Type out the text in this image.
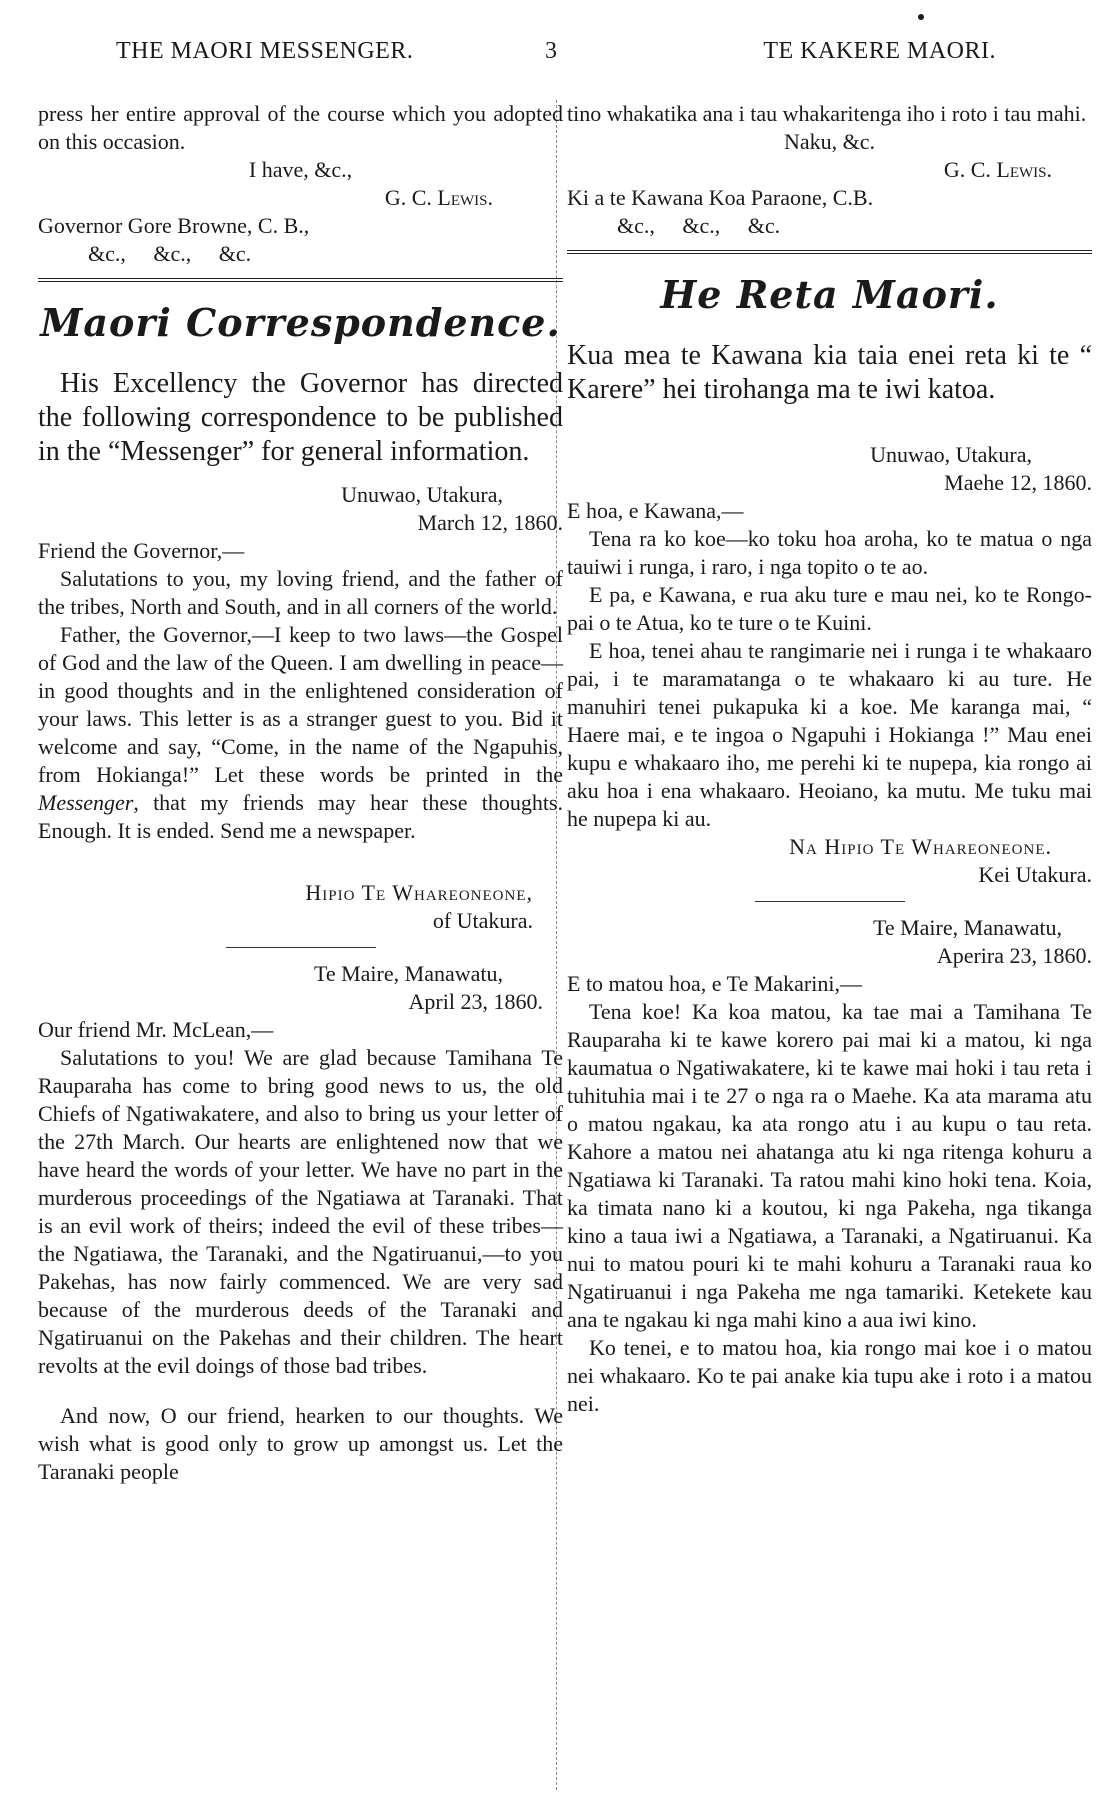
THE MAORI MESSENGER.	3	TE KAKERE MAORI.

press her entire approval of the course which you adopted on this occasion.

I have, &c.,

G. C. Lewis.

Governor Gore Browne, C. B.,

&c.,     &c.,     &c.

Maori Correspondence.

His Excellency the Governor has directed the following correspondence to be published in the “Messenger” for general information.

Unuwao, Utakura,

March 12, 1860.

Friend the Governor,—

Salutations to you, my loving friend, and the father of the tribes, North and South, and in all corners of the world.

Father, the Governor,—I keep to two laws—the Gospel of God and the law of the Queen. I am dwelling in peace—in good thoughts and in the enlightened consideration of your laws. This letter is as a stranger guest to you. Bid it welcome and say, “Come, in the name of the Ngapuhis, from Hokianga!” Let these words be printed in the Messenger, that my friends may hear these thoughts. Enough. It is ended. Send me a newspaper.

Hipio Te Whareoneone,

of Utakura.

Te Maire, Manawatu,

April 23, 1860.

Our friend Mr. McLean,—

Salutations to you! We are glad because Tamihana Te Rauparaha has come to bring good news to us, the old Chiefs of Ngatiwakatere, and also to bring us your letter of the 27th March. Our hearts are enlightened now that we have heard the words of your letter. We have no part in the murderous proceedings of the Ngatiawa at Taranaki. That is an evil work of theirs; indeed the evil of these tribes—the Ngatiawa, the Taranaki, and the Ngatiruanui,—to you Pakehas, has now fairly commenced. We are very sad because of the murderous deeds of the Taranaki and Ngatiruanui on the Pakehas and their children. The heart revolts at the evil doings of those bad tribes.

And now, O our friend, hearken to our thoughts. We wish what is good only to grow up amongst us. Let the Taranaki people

tino whakatika ana i tau whakaritenga iho i roto i tau mahi.

Naku, &c.

G. C. Lewis.

Ki a te Kawana Koa Paraone, C.B.

&c.,     &c.,     &c.

He Reta Maori.

Kua mea te Kawana kia taia enei reta ki te “ Karere” hei tirohanga ma te iwi katoa.

Unuwao, Utakura,

Maehe 12, 1860.

E hoa, e Kawana,—

Tena ra ko koe—ko toku hoa aroha, ko te matua o nga tauiwi i runga, i raro, i nga topito o te ao.

E pa, e Kawana, e rua aku ture e mau nei, ko te Rongo-pai o te Atua, ko te ture o te Kuini.

E hoa, tenei ahau te rangimarie nei i runga i te whakaaro pai, i te maramatanga o te whakaaro ki au ture. He manuhiri tenei pukapuka ki a koe. Me karanga mai, “ Haere mai, e te ingoa o Ngapuhi i Hokianga !” Mau enei kupu e whakaaro iho, me perehi ki te nupepa, kia rongo ai aku hoa i ena whakaaro. Heoiano, ka mutu. Me tuku mai he nupepa ki au.

Na Hipio Te Whareoneone.

Kei Utakura.

Te Maire, Manawatu,

Aperira 23, 1860.

E to matou hoa, e Te Makarini,—

Tena koe! Ka koa matou, ka tae mai a Tamihana Te Rauparaha ki te kawe korero pai mai ki a matou, ki nga kaumatua o Ngatiwakatere, ki te kawe mai hoki i tau reta i tuhituhia mai i te 27 o nga ra o Maehe. Ka ata marama atu o matou ngakau, ka ata rongo atu i au kupu o tau reta. Kahore a matou nei ahatanga atu ki nga ritenga kohuru a Ngatiawa ki Taranaki. Ta ratou mahi kino hoki tena. Koia, ka timata nano ki a koutou, ki nga Pakeha, nga tikanga kino a taua iwi a Ngatiawa, a Taranaki, a Ngatiruanui. Ka nui to matou pouri ki te mahi kohuru a Taranaki raua ko Ngatiruanui i nga Pakeha me nga tamariki. Ketekete kau ana te ngakau ki nga mahi kino a aua iwi kino.

Ko tenei, e to matou hoa, kia rongo mai koe i o matou nei whakaaro. Ko te pai anake kia tupu ake i roto i a matou nei.
